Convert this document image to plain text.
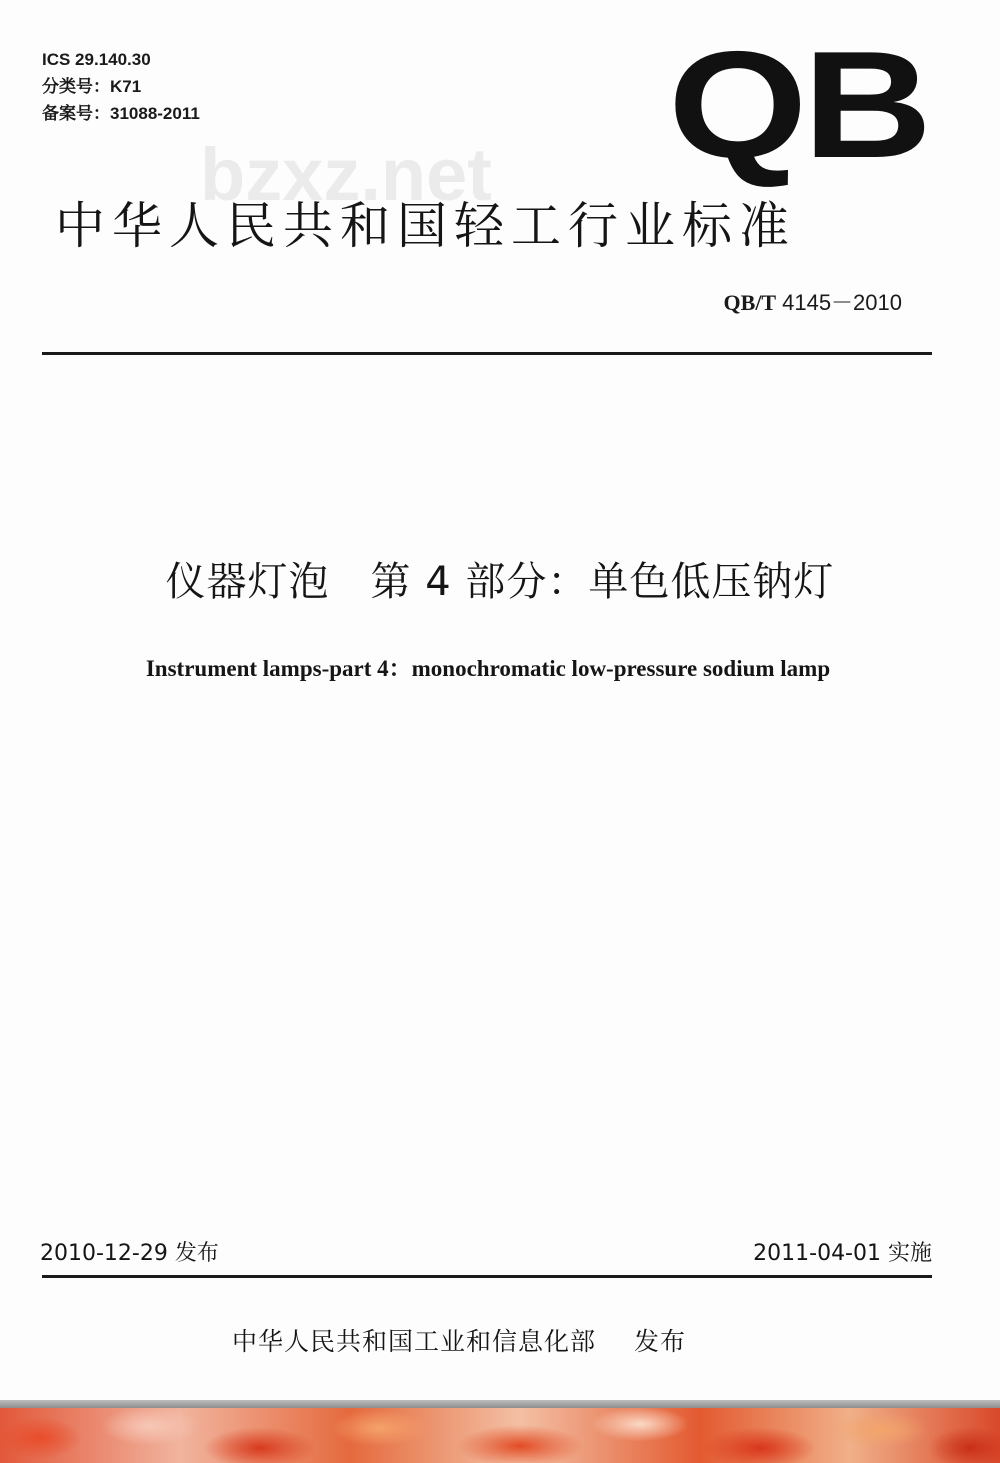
ICS 29.140.30
分类号：K71
备案号：31088-2011	QB
bzxz.net
中华人民共和国轻工行业标准
QB/T 4145－2010
仪器灯泡　第 4 部分：单色低压钠灯
Instrument lamps-part 4：monochromatic low-pressure sodium lamp
2010-12-29 发布	2011-04-01 实施
中华人民共和国工业和信息化部 发布
